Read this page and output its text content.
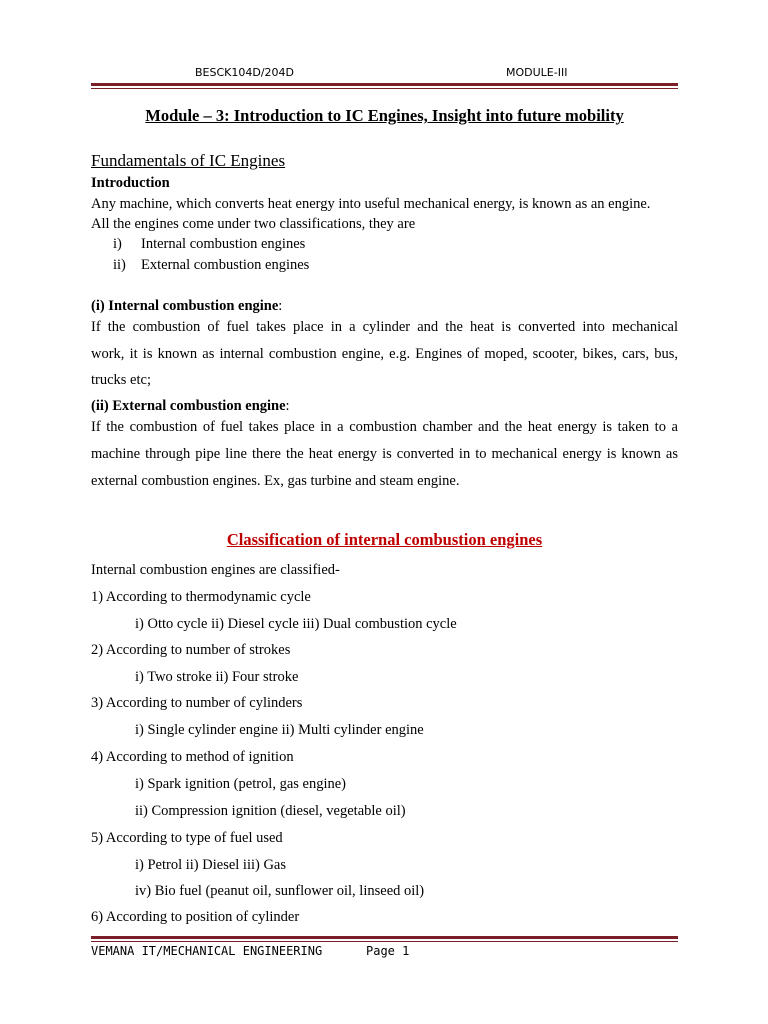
BESCK104D/204D	MODULE-III
Module – 3: Introduction to IC Engines, Insight into future mobility
Fundamentals of IC Engines
Introduction
Any machine, which converts heat energy into useful mechanical energy, is known as an engine.
All the engines come under two classifications, they are
i) Internal combustion engines
ii) External combustion engines
(i) Internal combustion engine:
If the combustion of fuel takes place in a cylinder and the heat is converted into mechanical
work, it is known as internal combustion engine, e.g. Engines of moped, scooter, bikes, cars, bus,
trucks etc;
(ii) External combustion engine:
If the combustion of fuel takes place in a combustion chamber and the heat energy is taken to a
machine through pipe line there the heat energy is converted in to mechanical energy is known as
external combustion engines. Ex, gas turbine and steam engine.
Classification of internal combustion engines
Internal combustion engines are classified-
1) According to thermodynamic cycle
i) Otto cycle ii) Diesel cycle iii) Dual combustion cycle
2) According to number of strokes
i) Two stroke ii) Four stroke
3) According to number of cylinders
i) Single cylinder engine ii) Multi cylinder engine
4) According to method of ignition
i) Spark ignition (petrol, gas engine)
ii) Compression ignition (diesel, vegetable oil)
5) According to type of fuel used
i) Petrol ii) Diesel iii) Gas
iv) Bio fuel (peanut oil, sunflower oil, linseed oil)
6) According to position of cylinder
VEMANA IT/MECHANICAL ENGINEERING	Page 1
